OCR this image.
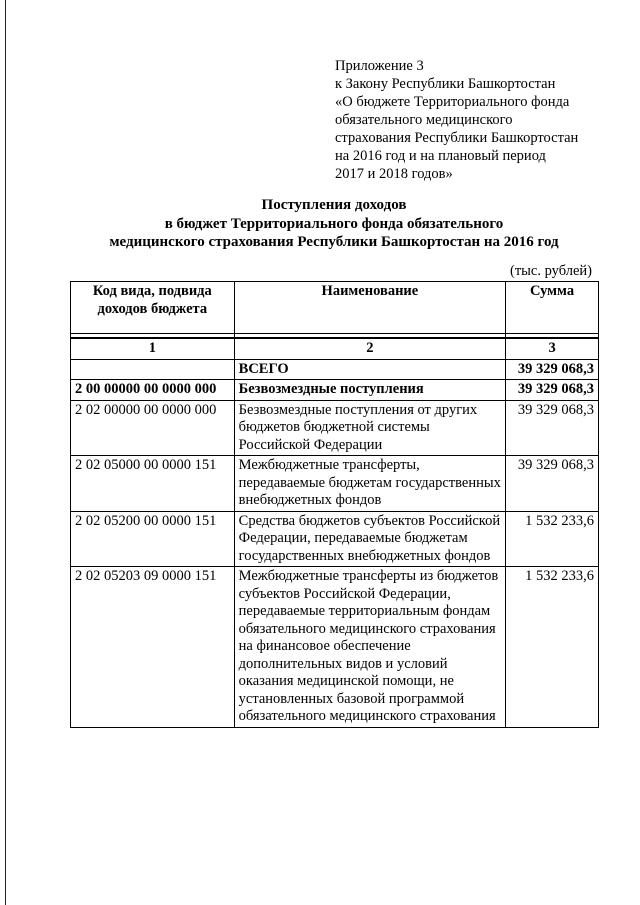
Приложение 3
к Закону Республики Башкортостан
«О бюджете Территориального фонда
обязательного медицинского
страхования Республики Башкортостан
на 2016 год и на плановый период
2017 и 2018 годов»
Поступления доходов
в бюджет Территориального фонда обязательного
медицинского страхования Республики Башкортостан на 2016 год
(тыс. рублей)
Код вида, подвида доходов бюджета	Наименование	Сумма

1	2	3
	ВСЕГО	39 329 068,3
2 00 00000 00 0000 000	Безвозмездные поступления	39 329 068,3
2 02 00000 00 0000 000	Безвозмездные поступления от других бюджетов бюджетной системы Российской Федерации	39 329 068,3
2 02 05000 00 0000 151	Межбюджетные трансферты, передаваемые бюджетам государственных внебюджетных фондов	39 329 068,3
2 02 05200 00 0000 151	Средства бюджетов субъектов Российской Федерации, передаваемые бюджетам государственных внебюджетных фондов	1 532 233,6
2 02 05203 09 0000 151	Межбюджетные трансферты из бюджетов субъектов Российской Федерации, передаваемые территориальным фондам обязательного медицинского страхования на финансовое обеспечение дополнительных видов и условий оказания медицинской помощи, не установленных базовой программой обязательного медицинского страхования	1 532 233,6
